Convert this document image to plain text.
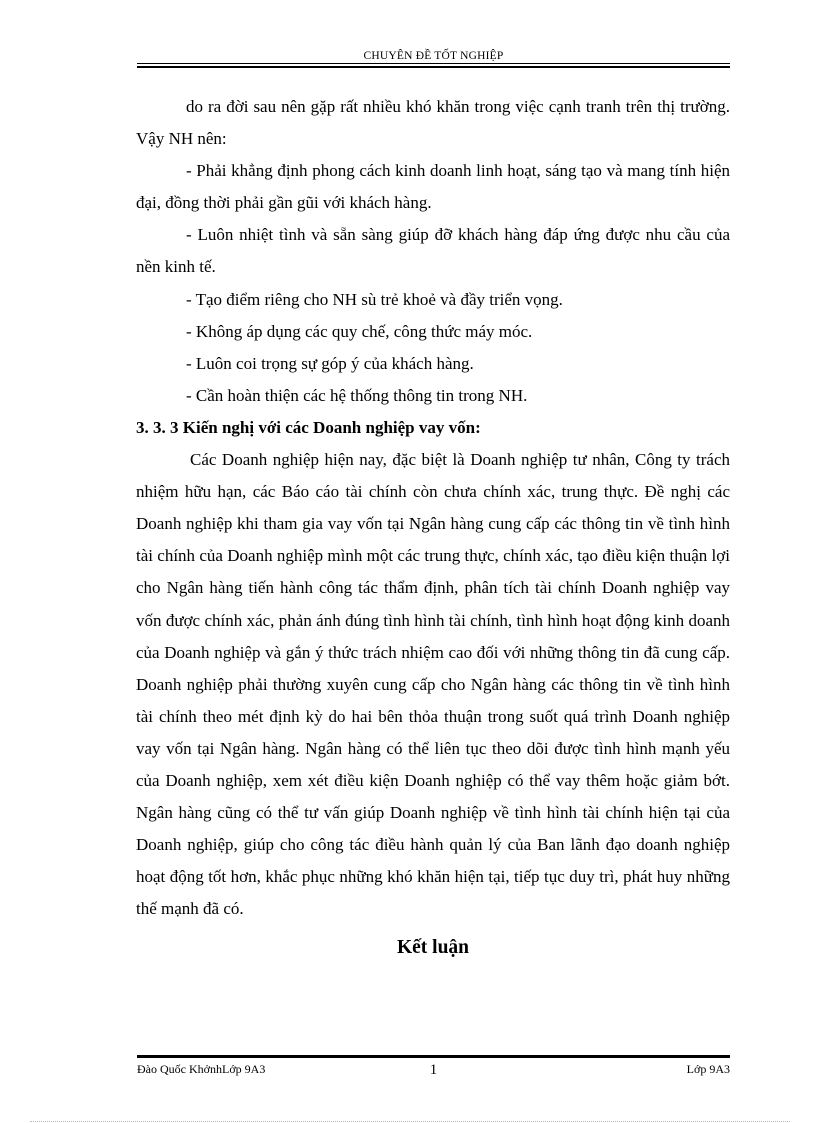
CHUYÊN ĐỀ TỐT NGHIỆP

do ra đời sau nên gặp rất nhiều khó khăn trong việc cạnh tranh trên thị trường. Vậy NH nên:

- Phải khẳng định phong cách kinh doanh linh hoạt, sáng tạo và mang tính hiện đại, đồng thời phải gần gũi với khách hàng.

- Luôn nhiệt tình và sẵn sàng giúp đỡ khách hàng đáp ứng được nhu cầu của nền kinh tế.

- Tạo điểm riêng cho NH sù trẻ khoẻ và đầy triển vọng.

- Không áp dụng các quy chế, công thức máy móc.

- Luôn coi trọng sự góp ý của khách hàng.

- Cần hoàn thiện các hệ thống thông tin trong NH.

3. 3. 3 Kiến nghị với các Doanh nghiệp vay vốn:

Các Doanh nghiệp hiện nay, đặc biệt là Doanh nghiệp tư nhân, Công ty trách nhiệm hữu hạn, các Báo cáo tài chính còn chưa chính xác, trung thực. Đề nghị các Doanh nghiệp khi tham gia vay vốn tại Ngân hàng cung cấp các thông tin về tình hình tài chính của Doanh nghiệp mình một các trung thực, chính xác, tạo điều kiện thuận lợi cho Ngân hàng tiến hành công tác thẩm định, phân tích tài chính Doanh nghiệp vay vốn được chính xác, phản ánh đúng tình hình tài chính, tình hình hoạt động kinh doanh của Doanh nghiệp và gắn ý thức trách nhiệm cao đối với những thông tin đã cung cấp. Doanh nghiệp phải thường xuyên cung cấp cho Ngân hàng các thông tin về tình hình tài chính theo mét định kỳ do hai bên thỏa thuận trong suốt quá trình Doanh nghiệp vay vốn tại Ngân hàng. Ngân hàng có thể liên tục theo dõi được tình hình mạnh yếu của Doanh nghiệp, xem xét điều kiện Doanh nghiệp có thể vay thêm hoặc giảm bớt. Ngân hàng cũng có thể tư vấn giúp Doanh nghiệp về tình hình tài chính hiện tại của Doanh nghiệp, giúp cho công tác điều hành quản lý của Ban lãnh đạo doanh nghiệp hoạt động tốt hơn, khắc phục những khó khăn hiện tại, tiếp tục duy trì, phát huy những thế mạnh đã có.

Kết luận
1
Đào Quốc KhởnhLớp 9A3	Lớp 9A3
